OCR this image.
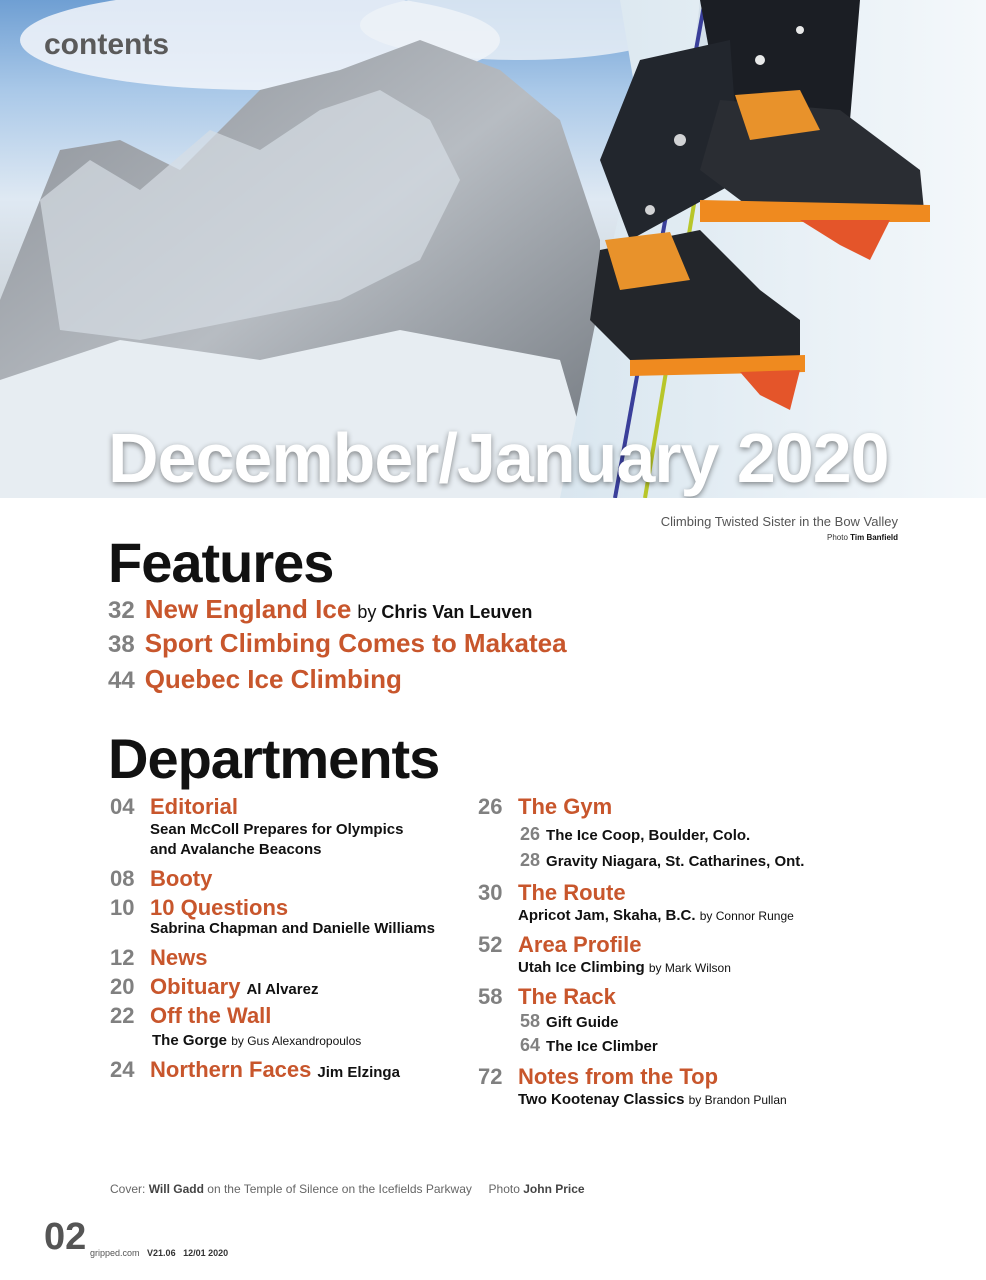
contents
December/January 2020
Climbing Twisted Sister in the Bow Valley
Photo Tim Banfield
Features
32 New England Ice by Chris Van Leuven
38 Sport Climbing Comes to Makatea
44 Quebec Ice Climbing
Departments
04 Editorial
Sean McColl Prepares for Olympics
and Avalanche Beacons
08 Booty
10 10 Questions
Sabrina Chapman and Danielle Williams
12 News
20 Obituary Al Alvarez
22 Off the Wall
The Gorge by Gus Alexandropoulos
24 Northern Faces Jim Elzinga
26 The Gym
26 The Ice Coop, Boulder, Colo.
28 Gravity Niagara, St. Catharines, Ont.
30 The Route
Apricot Jam, Skaha, B.C. by Connor Runge
52 Area Profile
Utah Ice Climbing by Mark Wilson
58 The Rack
58 Gift Guide
64 The Ice Climber
72 Notes from the Top
Two Kootenay Classics by Brandon Pullan
Cover: Will Gadd on the Temple of Silence on the Icefields Parkway Photo John Price
02 gripped.com V21.06 12/01 2020
